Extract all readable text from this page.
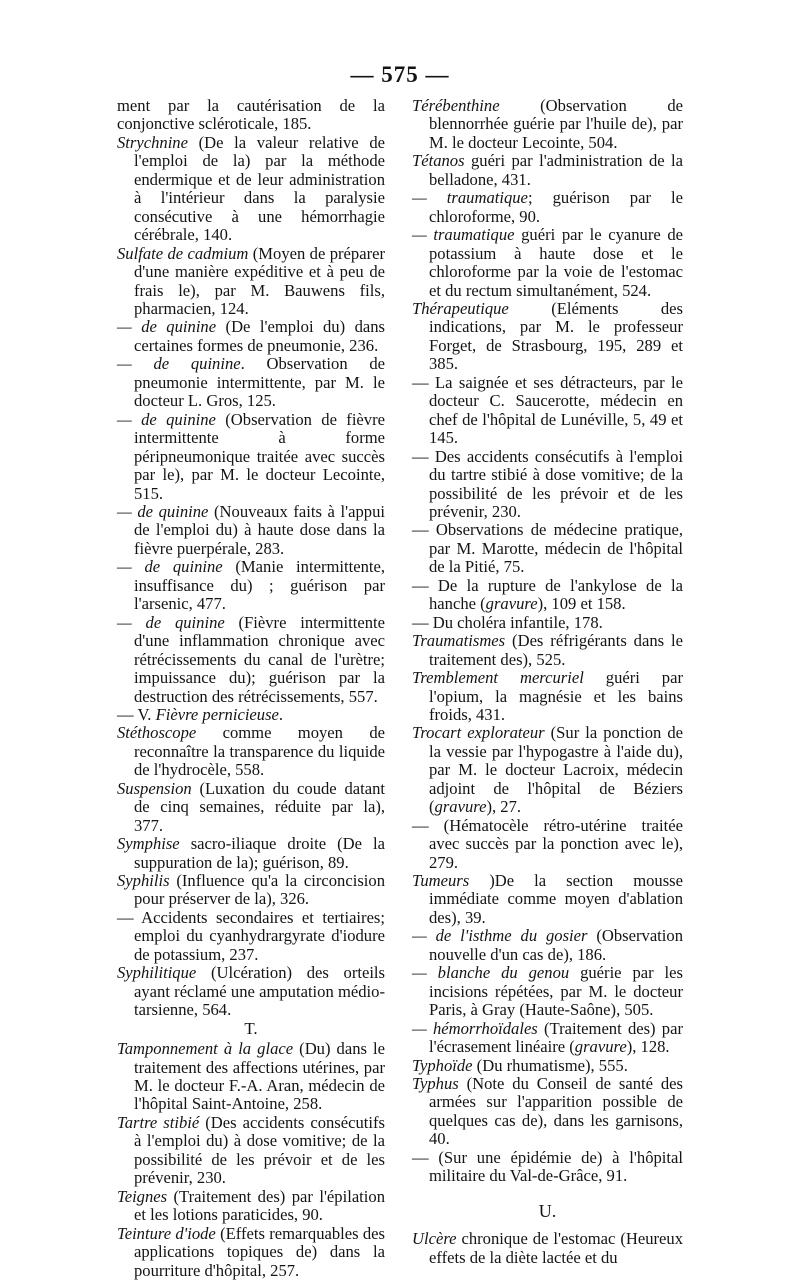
— 575 —

ment par la cautérisation de la conjonctive scléroticale, 185.

Strychnine (De la valeur relative de l'emploi de la) par la méthode endermique et de leur administration à l'intérieur dans la paralysie consécutive à une hémorrhagie cérébrale, 140.

Sulfate de cadmium (Moyen de préparer d'une manière expéditive et à peu de frais le), par M. Bauwens fils, pharmacien, 124.

— de quinine (De l'emploi du) dans certaines formes de pneumonie, 236.

— de quinine. Observation de pneumonie intermittente, par M. le docteur L. Gros, 125.

— de quinine (Observation de fièvre intermittente à forme péripneumonique traitée avec succès par le), par M. le docteur Lecointe, 515.

— de quinine (Nouveaux faits à l'appui de l'emploi du) à haute dose dans la fièvre puerpérale, 283.

— de quinine (Manie intermittente, insuffisance du) ; guérison par l'arsenic, 477.

— de quinine (Fièvre intermittente d'une inflammation chronique avec rétrécissements du canal de l'urètre; impuissance du); guérison par la destruction des rétrécissements, 557.

— V. Fièvre pernicieuse.

Stéthoscope comme moyen de reconnaître la transparence du liquide de l'hydrocèle, 558.

Suspension (Luxation du coude datant de cinq semaines, réduite par la), 377.

Symphise sacro-iliaque droite (De la suppuration de la); guérison, 89.

Syphilis (Influence qu'a la circoncision pour préserver de la), 326.

— Accidents secondaires et tertiaires; emploi du cyanhydrargyrate d'iodure de potassium, 237.

Syphilitique (Ulcération) des orteils ayant réclamé une amputation médio-tarsienne, 564.

T.

Tamponnement à la glace (Du) dans le traitement des affections utérines, par M. le docteur F.-A. Aran, médecin de l'hôpital Saint-Antoine, 258.

Tartre stibié (Des accidents consécutifs à l'emploi du) à dose vomitive; de la possibilité de les prévoir et de les prévenir, 230.

Teignes (Traitement des) par l'épilation et les lotions paraticides, 90.

Teinture d'iode (Effets remarquables des applications topiques de) dans la pourriture d'hôpital, 257.

Térébenthine (Observation de blennorrhée guérie par l'huile de), par M. le docteur Lecointe, 504.

Tétanos guéri par l'administration de la belladone, 431.

— traumatique; guérison par le chloroforme, 90.

— traumatique guéri par le cyanure de potassium à haute dose et le chloroforme par la voie de l'estomac et du rectum simultanément, 524.

Thérapeutique (Eléments des indications, par M. le professeur Forget, de Strasbourg, 195, 289 et 385.

— La saignée et ses détracteurs, par le docteur C. Saucerotte, médecin en chef de l'hôpital de Lunéville, 5, 49 et 145.

— Des accidents consécutifs à l'emploi du tartre stibié à dose vomitive; de la possibilité de les prévoir et de les prévenir, 230.

— Observations de médecine pratique, par M. Marotte, médecin de l'hôpital de la Pitié, 75.

— De la rupture de l'ankylose de la hanche (gravure), 109 et 158.

— Du choléra infantile, 178.

Traumatismes (Des réfrigérants dans le traitement des), 525.

Tremblement mercuriel guéri par l'opium, la magnésie et les bains froids, 431.

Trocart explorateur (Sur la ponction de la vessie par l'hypogastre à l'aide du), par M. le docteur Lacroix, médecin adjoint de l'hôpital de Béziers (gravure), 27.

— (Hématocèle rétro-utérine traitée avec succès par la ponction avec le), 279.

Tumeurs )De la section mousse immédiate comme moyen d'ablation des), 39.

— de l'isthme du gosier (Observation nouvelle d'un cas de), 186.

— blanche du genou guérie par les incisions répétées, par M. le docteur Paris, à Gray (Haute-Saône), 505.

— hémorrhoïdales (Traitement des) par l'écrasement linéaire (gravure), 128.

Typhoïde (Du rhumatisme), 555.

Typhus (Note du Conseil de santé des armées sur l'apparition possible de quelques cas de), dans les garnisons, 40.

— (Sur une épidémie de) à l'hôpital militaire du Val-de-Grâce, 91.

U.

Ulcère chronique de l'estomac (Heureux effets de la diète lactée et du
